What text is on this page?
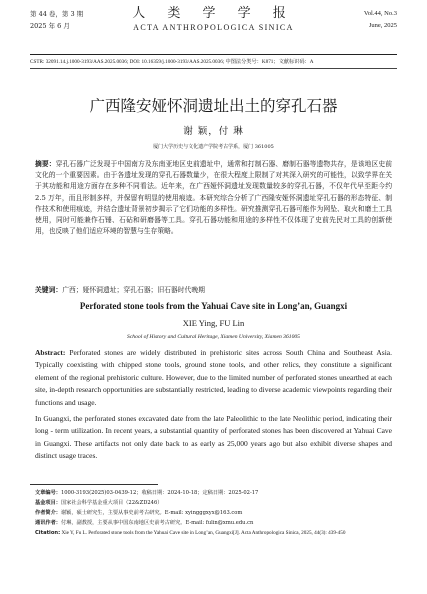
第 44 卷，第 3 期
2025 年 6 月
人 类 学 学 报
ACTA ANTHROPOLOGICA SINICA
Vol.44, No.3
June, 2025
CSTR: 32091.14.j.1000-3193/AAS.2025.0036; DOI: 10.16359/j.1000-3193/AAS.2025.0036; 中图法分类号：K871；文献标识码：A
广西隆安娅怀洞遗址出土的穿孔石器
谢 颖，付 琳
厦门大学历史与文化遗产学院考古学系，厦门 361005
摘要：穿孔石器广泛发现于中国南方及东南亚地区史前遗址中，通常和打制石器、磨制石器等遗物共存，是该地区史前文化的一个重要因素。由于各遗址发现的穿孔石器数量少，在很大程度上限制了对其深入研究的可能性，以致学界在关于其功能和用途方面存在多种不同看法。近年来，在广西娅怀洞遗址发现数量较多的穿孔石器，不仅年代早至距今约 2.5 万年，而且形制多样，并保留有明显的使用痕迹。本研究综合分析了广西隆安娅怀洞遗址穿孔石器的形态特征、制作技术和使用痕迹，并结合遗址背景初步揭示了它们功能的多样性。研究推测穿孔石器可能作为网坠、取火和磨土工具使用，同时可能兼作石锤、石砧和研磨器等工具。穿孔石器功能和用途的多样性不仅体现了史前先民对工具的创新使用，也反映了他们适应环境的智慧与生存策略。
关键词：广西；娅怀洞遗址；穿孔石器；旧石器时代晚期
Perforated stone tools from the Yahuai Cave site in Long’an, Guangxi
XIE Ying, FU Lin
School of History and Cultural Heritage, Xiamen University, Xiamen 361005

Abstract: Perforated stones are widely distributed in prehistoric sites across South China and Southeast Asia. Typically coexisting with chipped stone tools, ground stone tools, and other relics, they constitute a significant element of the regional prehistoric culture. However, due to the limited number of perforated stones unearthed at each site, in-depth research opportunities are substantially restricted, leading to diverse academic viewpoints regarding their functions and usage.

In Guangxi, the perforated stones excavated date from the late Paleolithic to the late Neolithic period, indicating their long - term utilization. In recent years, a substantial quantity of perforated stones has been discovered at Yahuai Cave in Guangxi. These artifacts not only date back to as early as 25,000 years ago but also exhibit diverse shapes and distinct usage traces.

文章编号：1000-3193(2025)03-0439-12；收稿日期：2024-10-18；定稿日期：2025-02-17
基金项目：国家社会科学基金重大项目（22&ZD246）
作者简介：谢颖，硕士研究生，主要从事史前考古研究。E-mail: xyingggxyx@163.com
通讯作者：付琳，副教授，主要从事中国东南地区史前考古研究。E-mail: fulin@xmu.edu.cn
Citation: Xie Y, Fu L. Perforated stone tools from the Yahuai Cave site in Long’an, Guangxi[J]. Acta Anthropologica Sinica, 2025, 44(3): 439-450
